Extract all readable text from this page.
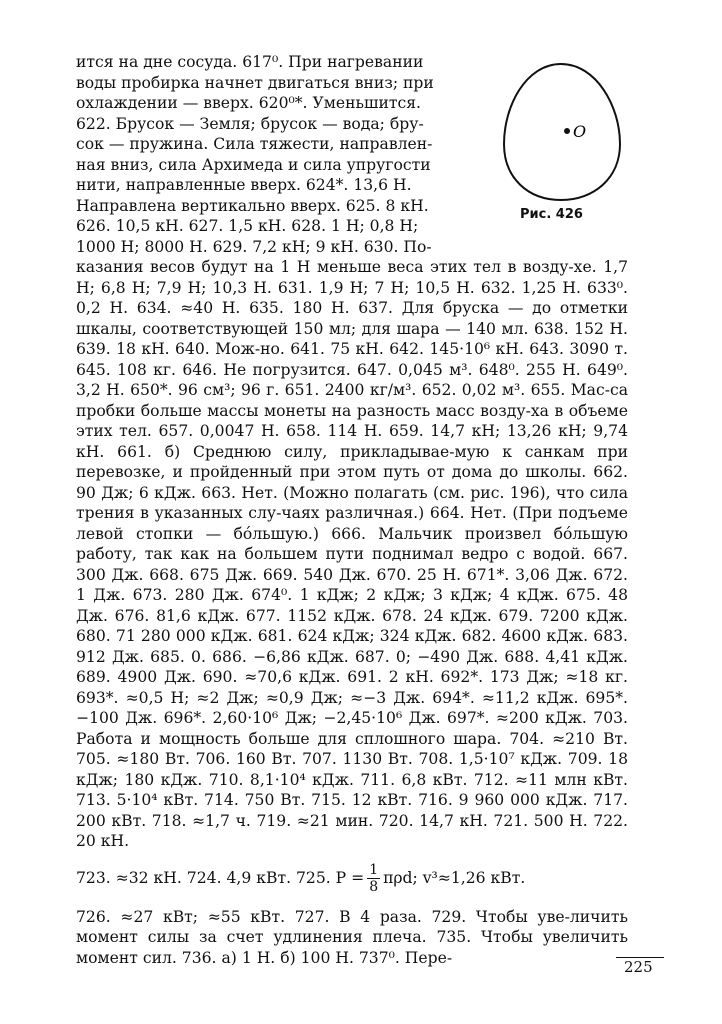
ится на дне сосуда. 617⁰. При нагревании

воды пробирка начнет двигаться вниз; при

охлаждении — вверх. 620⁰*. Уменьшится.

622. Брусок — Земля; брусок — вода; бру-

сок — пружина. Сила тяжести, направлен-

ная вниз, сила Архимеда и сила упругости

нити, направленные вверх. 624*. 13,6 Н.

Направлена вертикально вверх. 625. 8 кН.

626. 10,5 кН. 627. 1,5 кН. 628. 1 Н; 0,8 Н;

1000 Н; 8000 Н. 629. 7,2 кН; 9 кН. 630. По-

казания весов будут на 1 Н меньше веса этих тел в возду-хе. 1,7 Н; 6,8 Н; 7,9 Н; 10,3 Н. 631. 1,9 Н; 7 Н; 10,5 Н. 632. 1,25 Н. 633⁰. 0,2 Н. 634. ≈40 Н. 635. 180 Н. 637. Для бруска — до отметки шкалы, соответствующей 150 мл; для шара — 140 мл. 638. 152 Н. 639. 18 кН. 640. Мож-но. 641. 75 кН. 642. 145·10⁶ кН. 643. 3090 т. 645. 108 кг. 646. Не погрузится. 647. 0,045 м³. 648⁰. 255 Н. 649⁰. 3,2 Н. 650*. 96 см³; 96 г. 651. 2400 кг/м³. 652. 0,02 м³. 655. Мас-са пробки больше массы монеты на разность масс возду-ха в объеме этих тел. 657. 0,0047 Н. 658. 114 Н. 659. 14,7 кН; 13,26 кН; 9,74 кН. 661. б) Среднюю силу, прикладывае-мую к санкам при перевозке, и пройденный при этом путь от дома до школы. 662. 90 Дж; 6 кДж. 663. Нет. (Можно полагать (см. рис. 196), что сила трения в указанных слу-чаях различная.) 664. Нет. (При подъеме левой стопки — бóльшую.) 666. Мальчик произвел бóльшую работу, так как на большем пути поднимал ведро с водой. 667. 300 Дж. 668. 675 Дж. 669. 540 Дж. 670. 25 Н. 671*. 3,06 Дж. 672. 1 Дж. 673. 280 Дж. 674⁰. 1 кДж; 2 кДж; 3 кДж; 4 кДж. 675. 48 Дж. 676. 81,6 кДж. 677. 1152 кДж. 678. 24 кДж. 679. 7200 кДж. 680. 71 280 000 кДж. 681. 624 кДж; 324 кДж. 682. 4600 кДж. 683. 912 Дж. 685. 0. 686. −6,86 кДж. 687. 0; −490 Дж. 688. 4,41 кДж. 689. 4900 Дж. 690. ≈70,6 кДж. 691. 2 кН. 692*. 173 Дж; ≈18 кг. 693*. ≈0,5 Н; ≈2 Дж; ≈0,9 Дж; ≈−3 Дж. 694*. ≈11,2 кДж. 695*. −100 Дж. 696*. 2,60·10⁶ Дж; −2,45·10⁶ Дж. 697*. ≈200 кДж. 703. Работа и мощность больше для сплошного шара. 704. ≈210 Вт. 705. ≈180 Вт. 706. 160 Вт. 707. 1130 Вт. 708. 1,5·10⁷ кДж. 709. 18 кДж; 180 кДж. 710. 8,1·10⁴ кДж. 711. 6,8 кВт. 712. ≈11 млн кВт. 713. 5·10⁴ кВт. 714. 750 Вт. 715. 12 кВт. 716. 9 960 000 кДж. 717. 200 кВт. 718. ≈1,7 ч. 719. ≈21 мин. 720. 14,7 кН. 721. 500 Н. 722. 20 кН.

723. ≈32 кН. 724. 4,9 кВт. 725. $P = \frac{1}{8} \pi\rho d$; v³≈1,26 кВт.

726. ≈27 кВт; ≈55 кВт. 727. В 4 раза. 729. Чтобы уве-личить момент силы за счет удлинения плеча. 735. Чтобы увеличить момент сил. 736. а) 1 Н. б) 100 Н. 737⁰. Пере-

O
Рис. 426
225
